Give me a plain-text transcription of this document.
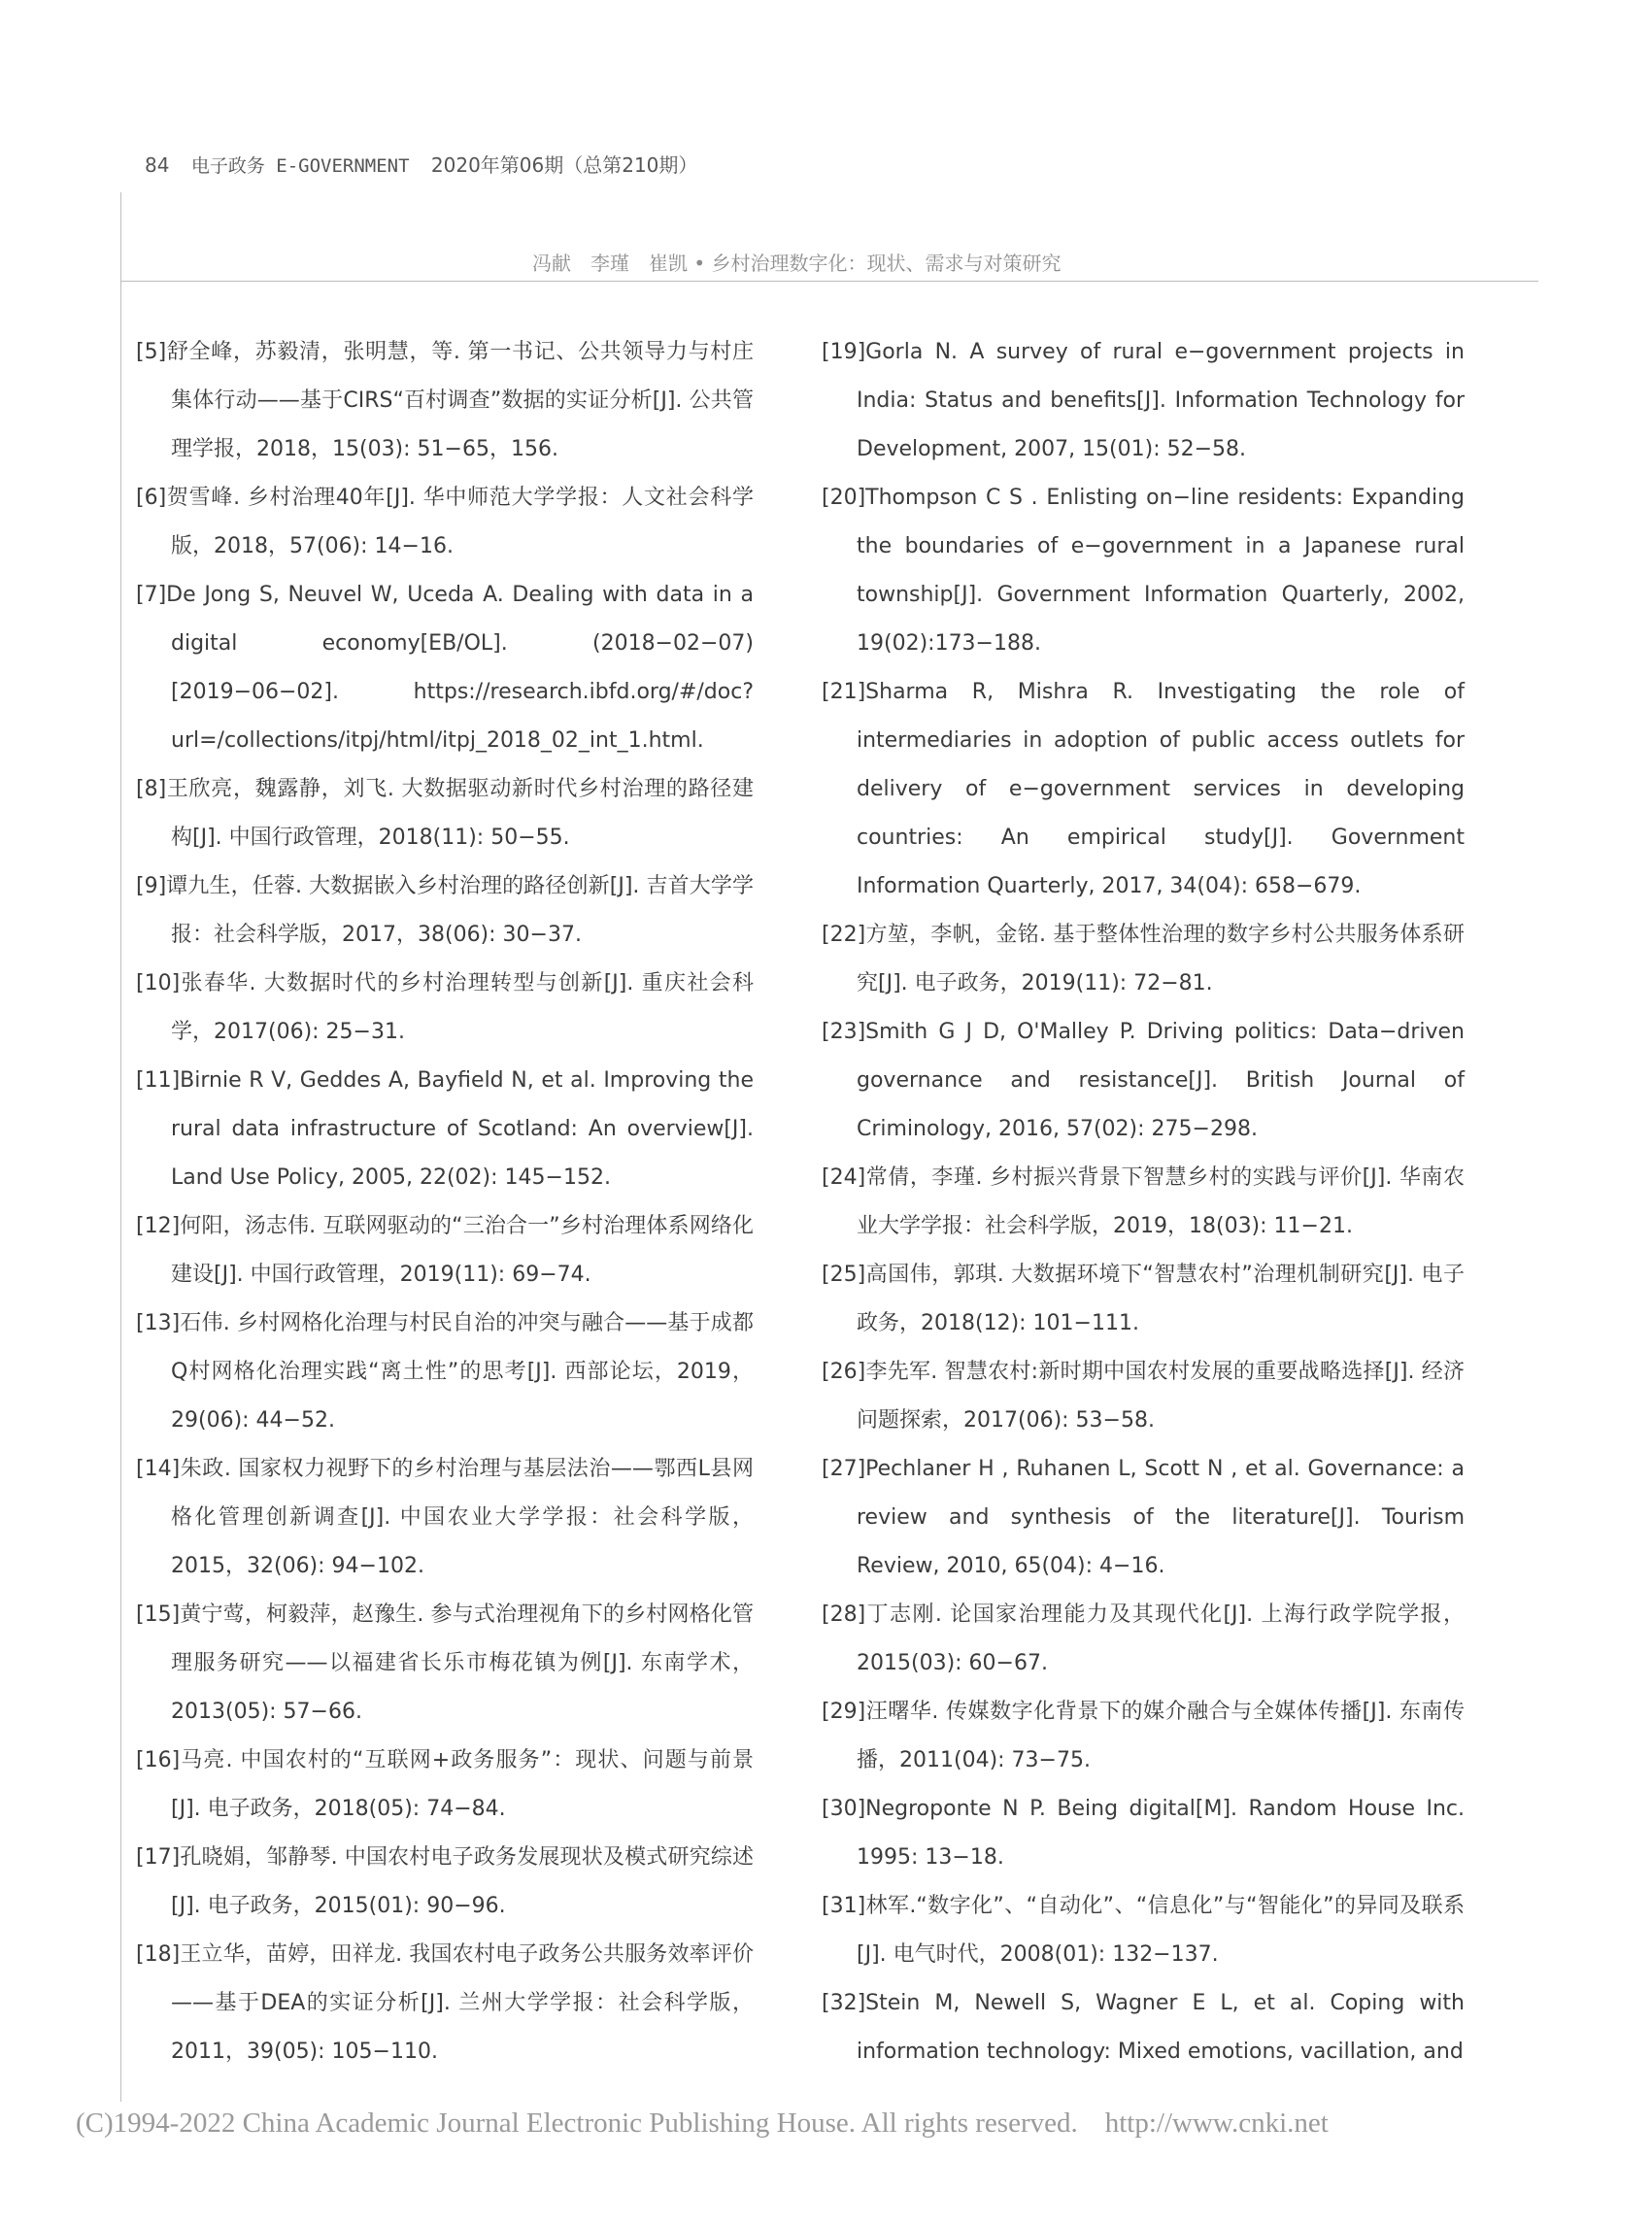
84 电子政务 E-GOVERNMENT 2020年第06期（总第210期）
冯献　李瑾　崔凯 • 乡村治理数字化：现状、需求与对策研究
[5]舒全峰，苏毅清，张明慧，等. 第一书记、公共领导力与村庄集体行动——基于CIRS“百村调查”数据的实证分析[J]. 公共管理学报，2018，15(03): 51−65，156.
[6]贺雪峰. 乡村治理40年[J]. 华中师范大学学报：人文社会科学版，2018，57(06): 14−16.
[7]De Jong S, Neuvel W, Uceda A. Dealing with data in a digital economy[EB/OL]. (2018−02−07)[2019−06−02]. https://research.ibfd.org/#/doc?url=/collections/itpj/html/itpj_2018_02_int_1.html.
[8]王欣亮，魏露静，刘飞. 大数据驱动新时代乡村治理的路径建构[J]. 中国行政管理，2018(11): 50−55.
[9]谭九生，任蓉. 大数据嵌入乡村治理的路径创新[J]. 吉首大学学报：社会科学版，2017，38(06): 30−37.
[10]张春华. 大数据时代的乡村治理转型与创新[J]. 重庆社会科学，2017(06): 25−31.
[11]Birnie R V, Geddes A, Bayfield N, et al. Improving the rural data infrastructure of Scotland: An overview[J]. Land Use Policy, 2005, 22(02): 145−152.
[12]何阳，汤志伟. 互联网驱动的“三治合一”乡村治理体系网络化建设[J]. 中国行政管理，2019(11): 69−74.
[13]石伟. 乡村网格化治理与村民自治的冲突与融合——基于成都Q村网格化治理实践“离土性”的思考[J]. 西部论坛，2019，29(06): 44−52.
[14]朱政. 国家权力视野下的乡村治理与基层法治——鄂西L县网格化管理创新调查[J]. 中国农业大学学报：社会科学版，2015，32(06): 94−102.
[15]黄宁莺，柯毅萍，赵豫生. 参与式治理视角下的乡村网格化管理服务研究——以福建省长乐市梅花镇为例[J]. 东南学术，2013(05): 57−66.
[16]马亮. 中国农村的“互联网+政务服务”：现状、问题与前景[J]. 电子政务，2018(05): 74−84.
[17]孔晓娟，邹静琴. 中国农村电子政务发展现状及模式研究综述[J]. 电子政务，2015(01): 90−96.
[18]王立华，苗婷，田祥龙. 我国农村电子政务公共服务效率评价——基于DEA的实证分析[J]. 兰州大学学报：社会科学版，2011，39(05): 105−110.
[19]Gorla N. A survey of rural e−government projects in India: Status and benefits[J]. Information Technology for Development, 2007, 15(01): 52−58.
[20]Thompson C S . Enlisting on−line residents: Expanding the boundaries of e−government in a Japanese rural township[J]. Government Information Quarterly, 2002, 19(02):173−188.
[21]Sharma R, Mishra R. Investigating the role of intermediaries in adoption of public access outlets for delivery of e−government services in developing countries: An empirical study[J]. Government Information Quarterly, 2017, 34(04): 658−679.
[22]方堃，李帆，金铭. 基于整体性治理的数字乡村公共服务体系研究[J]. 电子政务，2019(11): 72−81.
[23]Smith G J D, O'Malley P. Driving politics: Data−driven governance and resistance[J]. British Journal of Criminology, 2016, 57(02): 275−298.
[24]常倩，李瑾. 乡村振兴背景下智慧乡村的实践与评价[J]. 华南农业大学学报：社会科学版，2019，18(03): 11−21.
[25]高国伟，郭琪. 大数据环境下“智慧农村”治理机制研究[J]. 电子政务，2018(12): 101−111.
[26]李先军. 智慧农村:新时期中国农村发展的重要战略选择[J]. 经济问题探索，2017(06): 53−58.
[27]Pechlaner H , Ruhanen L, Scott N , et al. Governance: a review and synthesis of the literature[J]. Tourism Review, 2010, 65(04): 4−16.
[28]丁志刚. 论国家治理能力及其现代化[J]. 上海行政学院学报，2015(03): 60−67.
[29]汪曙华. 传媒数字化背景下的媒介融合与全媒体传播[J]. 东南传播，2011(04): 73−75.
[30]Negroponte N P. Being digital[M]. Random House Inc. 1995: 13−18.
[31]林军.“数字化”、“自动化”、“信息化”与“智能化”的异同及联系[J]. 电气时代，2008(01): 132−137.
[32]Stein M, Newell S, Wagner E L, et al. Coping with information technology: Mixed emotions, vacillation, and
(C)1994-2022 China Academic Journal Electronic Publishing House. All rights reserved. http://www.cnki.net
